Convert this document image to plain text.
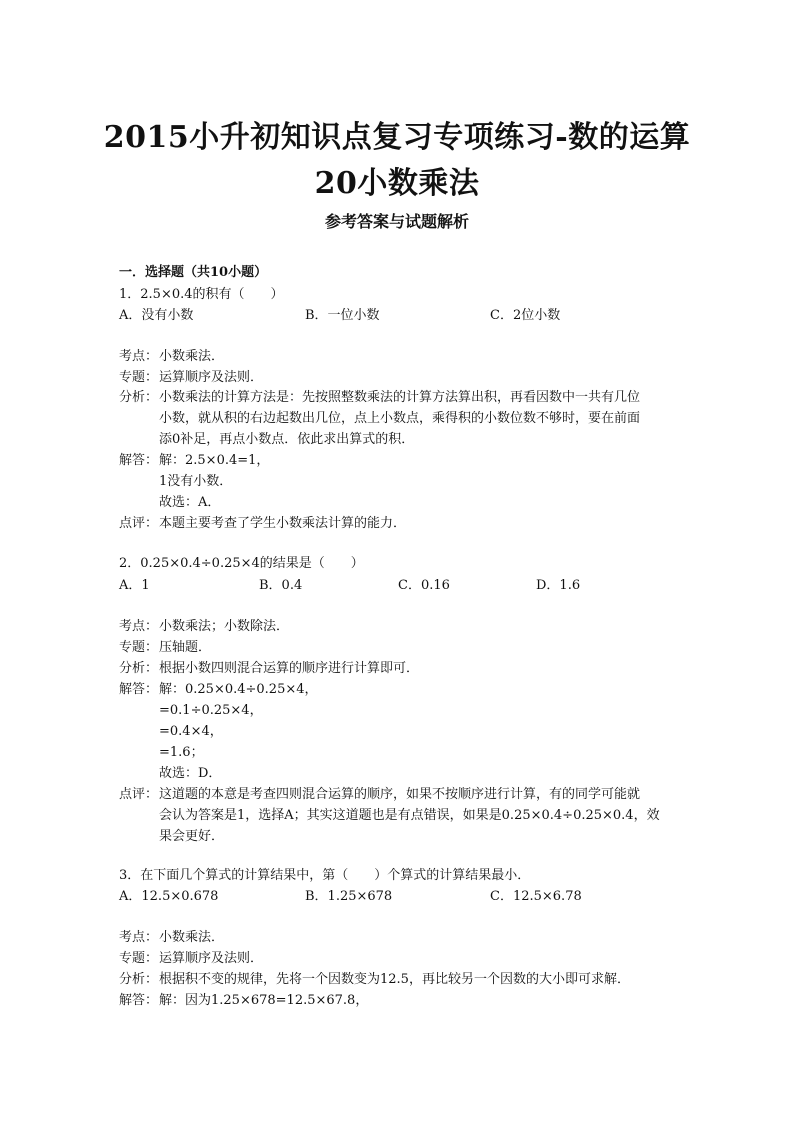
2015小升初知识点复习专项练习-数的运算
20小数乘法
参考答案与试题解析
一．选择题（共10小题）
1．2.5×0.4的积有（　　）
A．没有小数	B．一位小数	C．2位小数
考点：小数乘法．
专题：运算顺序及法则．
分析：小数乘法的计算方法是：先按照整数乘法的计算方法算出积，再看因数中一共有几位
小数，就从积的右边起数出几位，点上小数点，乘得积的小数位数不够时，要在前面
添0补足，再点小数点．依此求出算式的积．
解答：解：2.5×0.4=1，
1没有小数．
故选：A．
点评：本题主要考查了学生小数乘法计算的能力．
2．0.25×0.4÷0.25×4的结果是（　　）
A．1	B．0.4	C．0.16	D．1.6
考点：小数乘法；小数除法．
专题：压轴题．
分析：根据小数四则混合运算的顺序进行计算即可．
解答：解：0.25×0.4÷0.25×4，
=0.1÷0.25×4，
=0.4×4，
=1.6；
故选：D．
点评：这道题的本意是考查四则混合运算的顺序，如果不按顺序进行计算，有的同学可能就
会认为答案是1，选择A；其实这道题也是有点错误，如果是0.25×0.4÷0.25×0.4，效
果会更好．
3．在下面几个算式的计算结果中，第（　　）个算式的计算结果最小．
A．12.5×0.678	B．1.25×678	C．12.5×6.78
考点：小数乘法．
专题：运算顺序及法则．
分析：根据积不变的规律，先将一个因数变为12.5，再比较另一个因数的大小即可求解．
解答：解：因为1.25×678=12.5×67.8，
